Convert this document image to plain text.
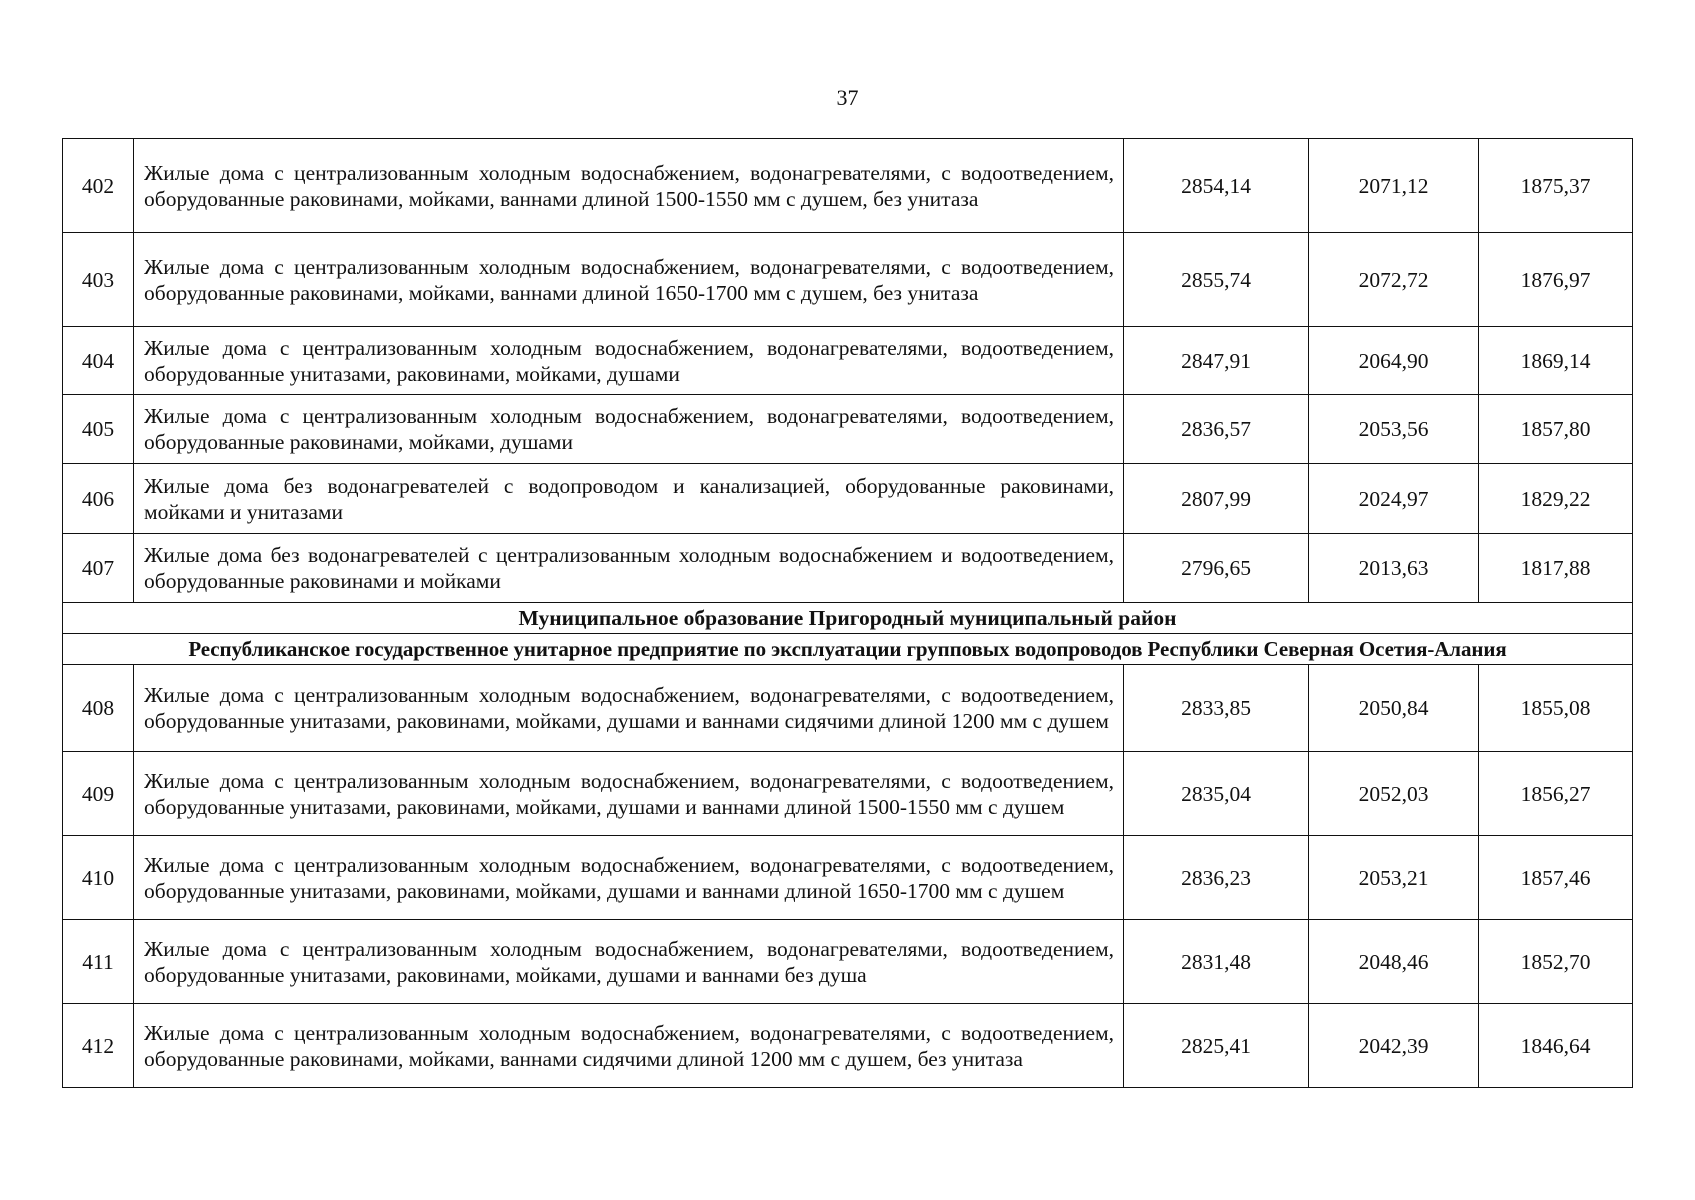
37
402	Жилые дома с централизованным холодным водоснабжением, водонагревателями, с водоотведением, оборудованные раковинами, мойками, ваннами длиной 1500-1550 мм с душем, без унитаза	2854,14	2071,12	1875,37
403	Жилые дома с централизованным холодным водоснабжением, водонагревателями, с водоотведением, оборудованные раковинами, мойками, ваннами длиной 1650-1700 мм с душем, без унитаза	2855,74	2072,72	1876,97
404	Жилые дома с централизованным холодным водоснабжением, водонагревателями, водоотведением, оборудованные унитазами, раковинами, мойками, душами	2847,91	2064,90	1869,14
405	Жилые дома с централизованным холодным водоснабжением, водонагревателями, водоотведением, оборудованные раковинами, мойками, душами	2836,57	2053,56	1857,80
406	Жилые дома без водонагревателей с водопроводом и канализацией, оборудованные раковинами, мойками и унитазами	2807,99	2024,97	1829,22
407	Жилые дома без водонагревателей с централизованным холодным водоснабжением и водоотведением, оборудованные раковинами и мойками	2796,65	2013,63	1817,88
Муниципальное образование Пригородный муниципальный район				
Республиканское государственное унитарное предприятие по эксплуатации групповых водопроводов Республики Северная Осетия-Алания				
408	Жилые дома с централизованным холодным водоснабжением, водонагревателями, с водоотведением, оборудованные унитазами, раковинами, мойками, душами и ваннами сидячими длиной 1200 мм с душем	2833,85	2050,84	1855,08
409	Жилые дома с централизованным холодным водоснабжением, водонагревателями, с водоотведением, оборудованные унитазами, раковинами, мойками, душами и ваннами длиной 1500-1550 мм с душем	2835,04	2052,03	1856,27
410	Жилые дома с централизованным холодным водоснабжением, водонагревателями, с водоотведением, оборудованные унитазами, раковинами, мойками, душами и ваннами длиной 1650-1700 мм с душем	2836,23	2053,21	1857,46
411	Жилые дома с централизованным холодным водоснабжением, водонагревателями, водоотведением, оборудованные унитазами, раковинами, мойками, душами и ваннами без душа	2831,48	2048,46	1852,70
412	Жилые дома с централизованным холодным водоснабжением, водонагревателями, с водоотведением, оборудованные раковинами, мойками, ваннами сидячими длиной 1200 мм с душем, без унитаза	2825,41	2042,39	1846,64
